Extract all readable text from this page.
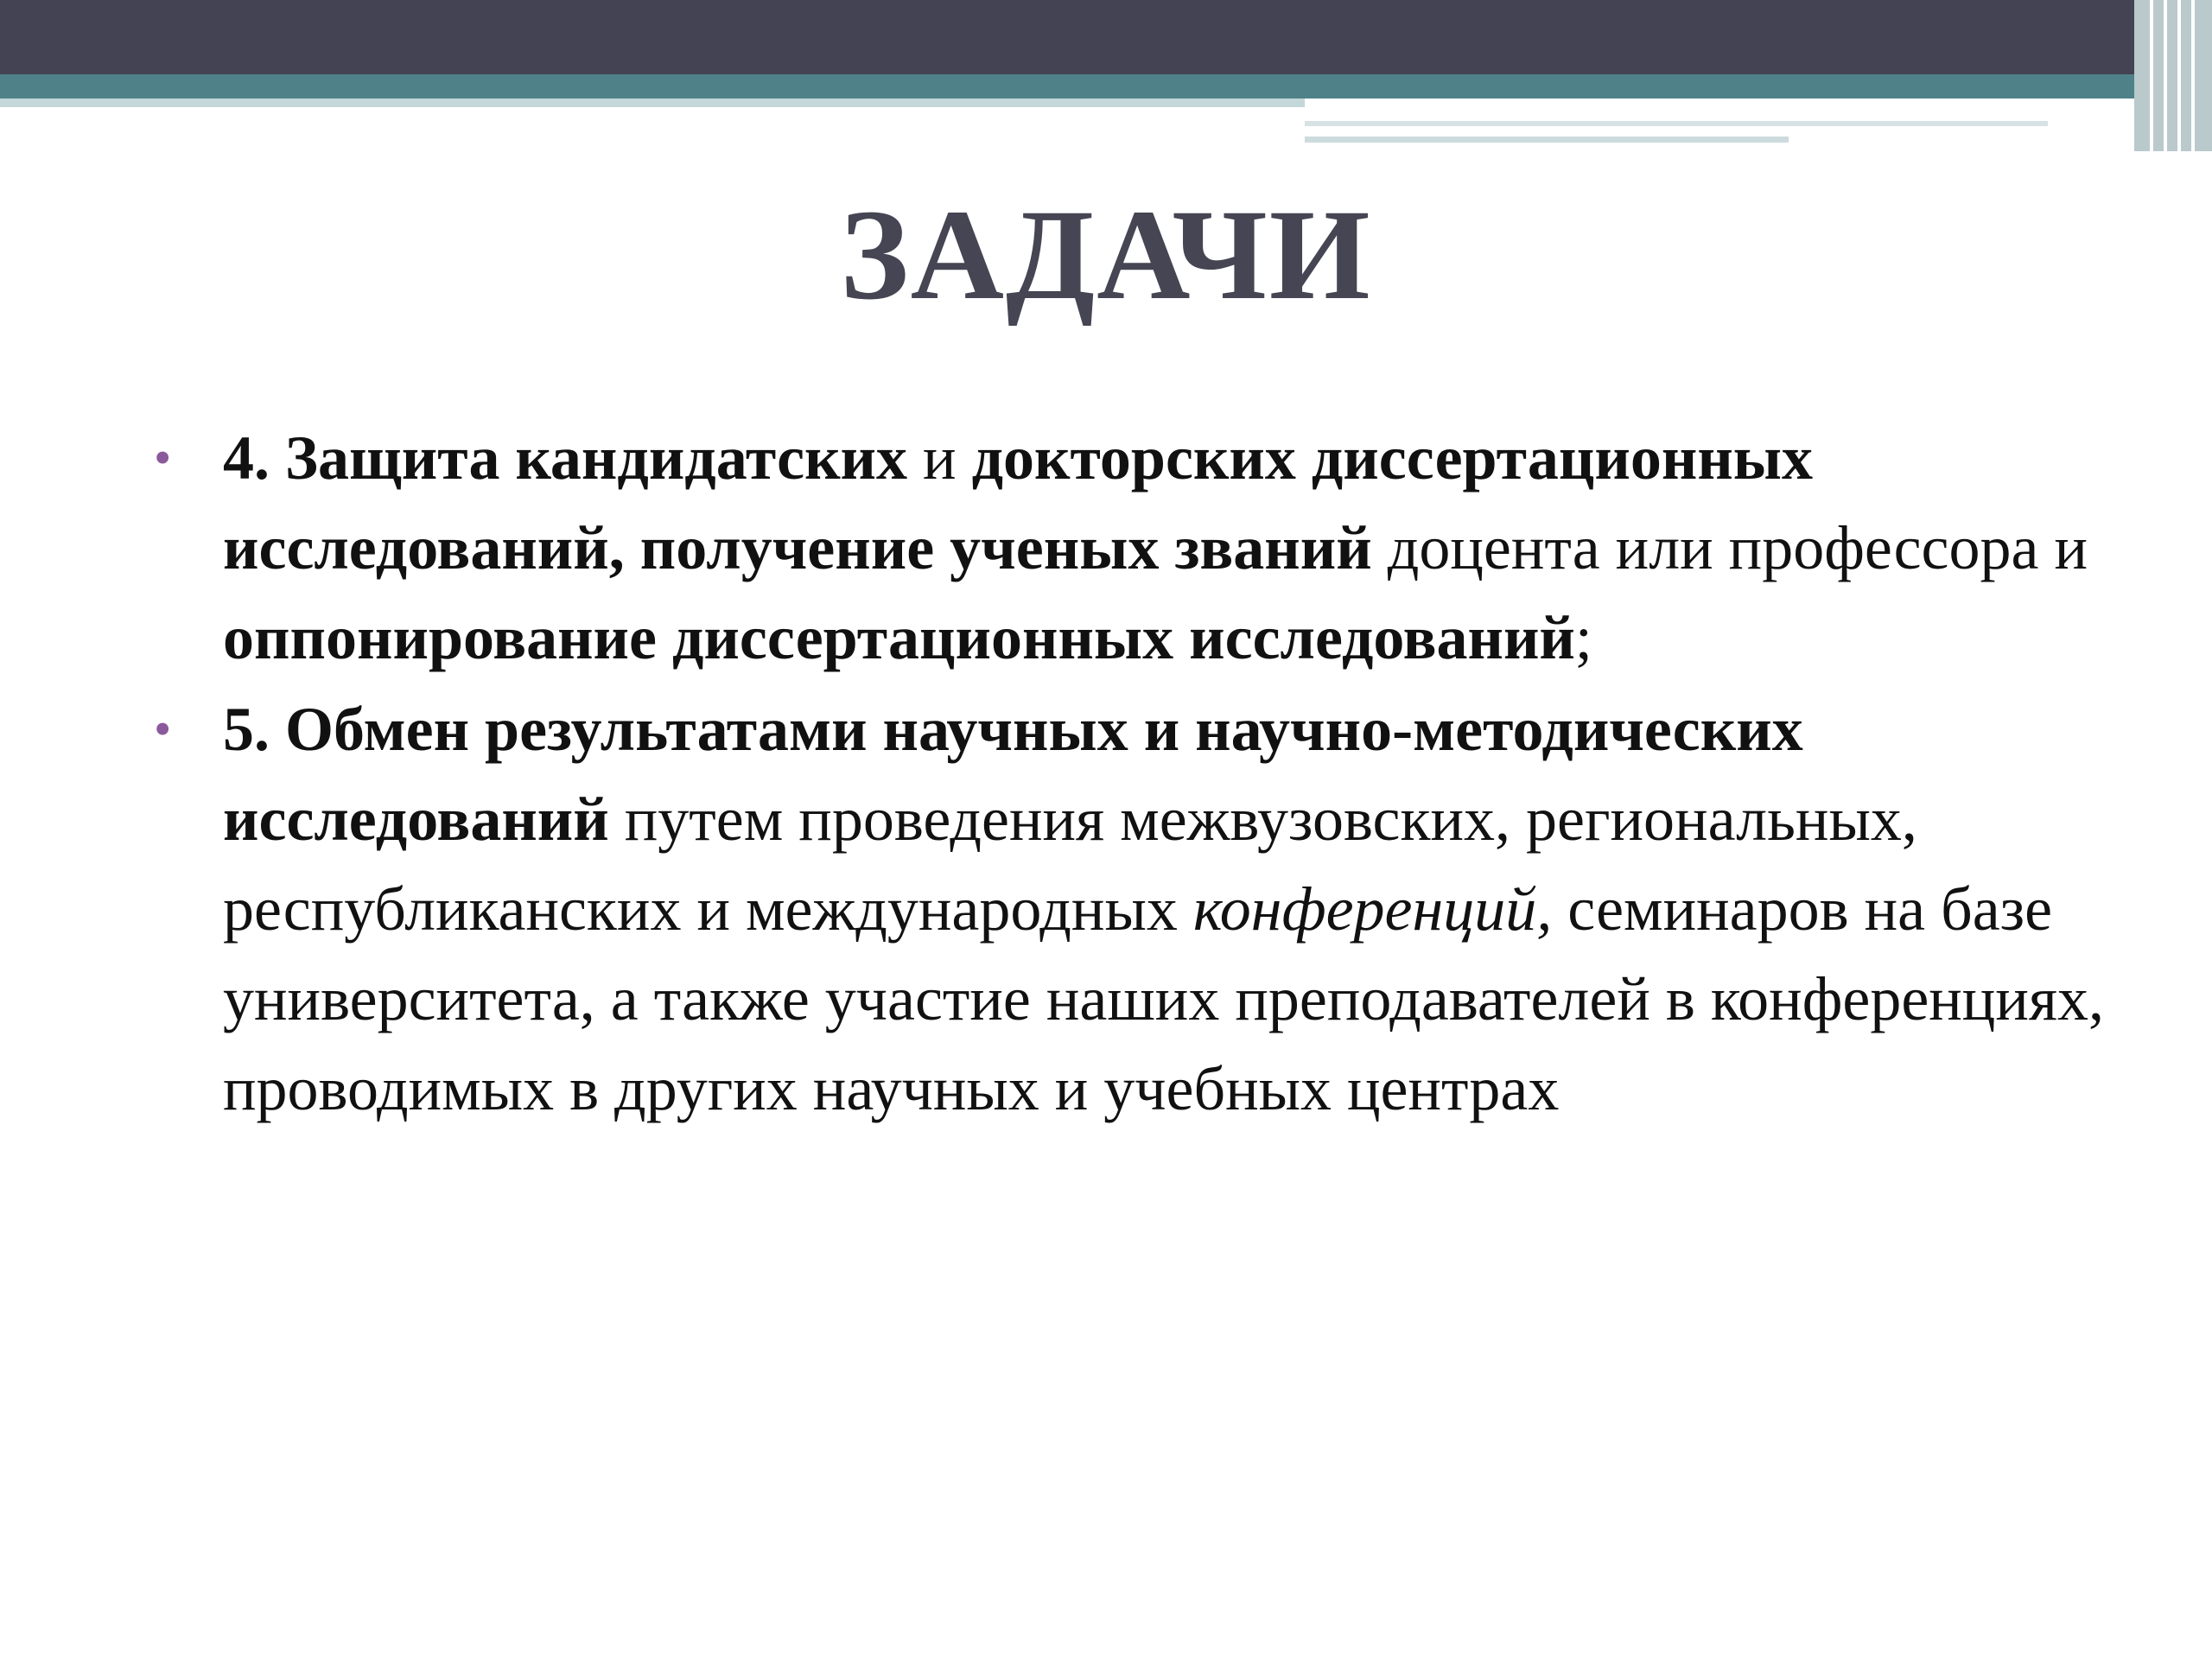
ЗАДАЧИ
• 4. Защита кандидатских и докторских диссертационных исследований, получение ученых званий доцента или профессора и оппонирование диссертационных исследований;
• 5. Обмен результатами научных и научно-методических исследований путем проведения межвузовских, региональных, республиканских и международных конференций, семинаров на базе университета, а также участие наших преподавателей в конференциях, проводимых в других научных и учебных центрах
